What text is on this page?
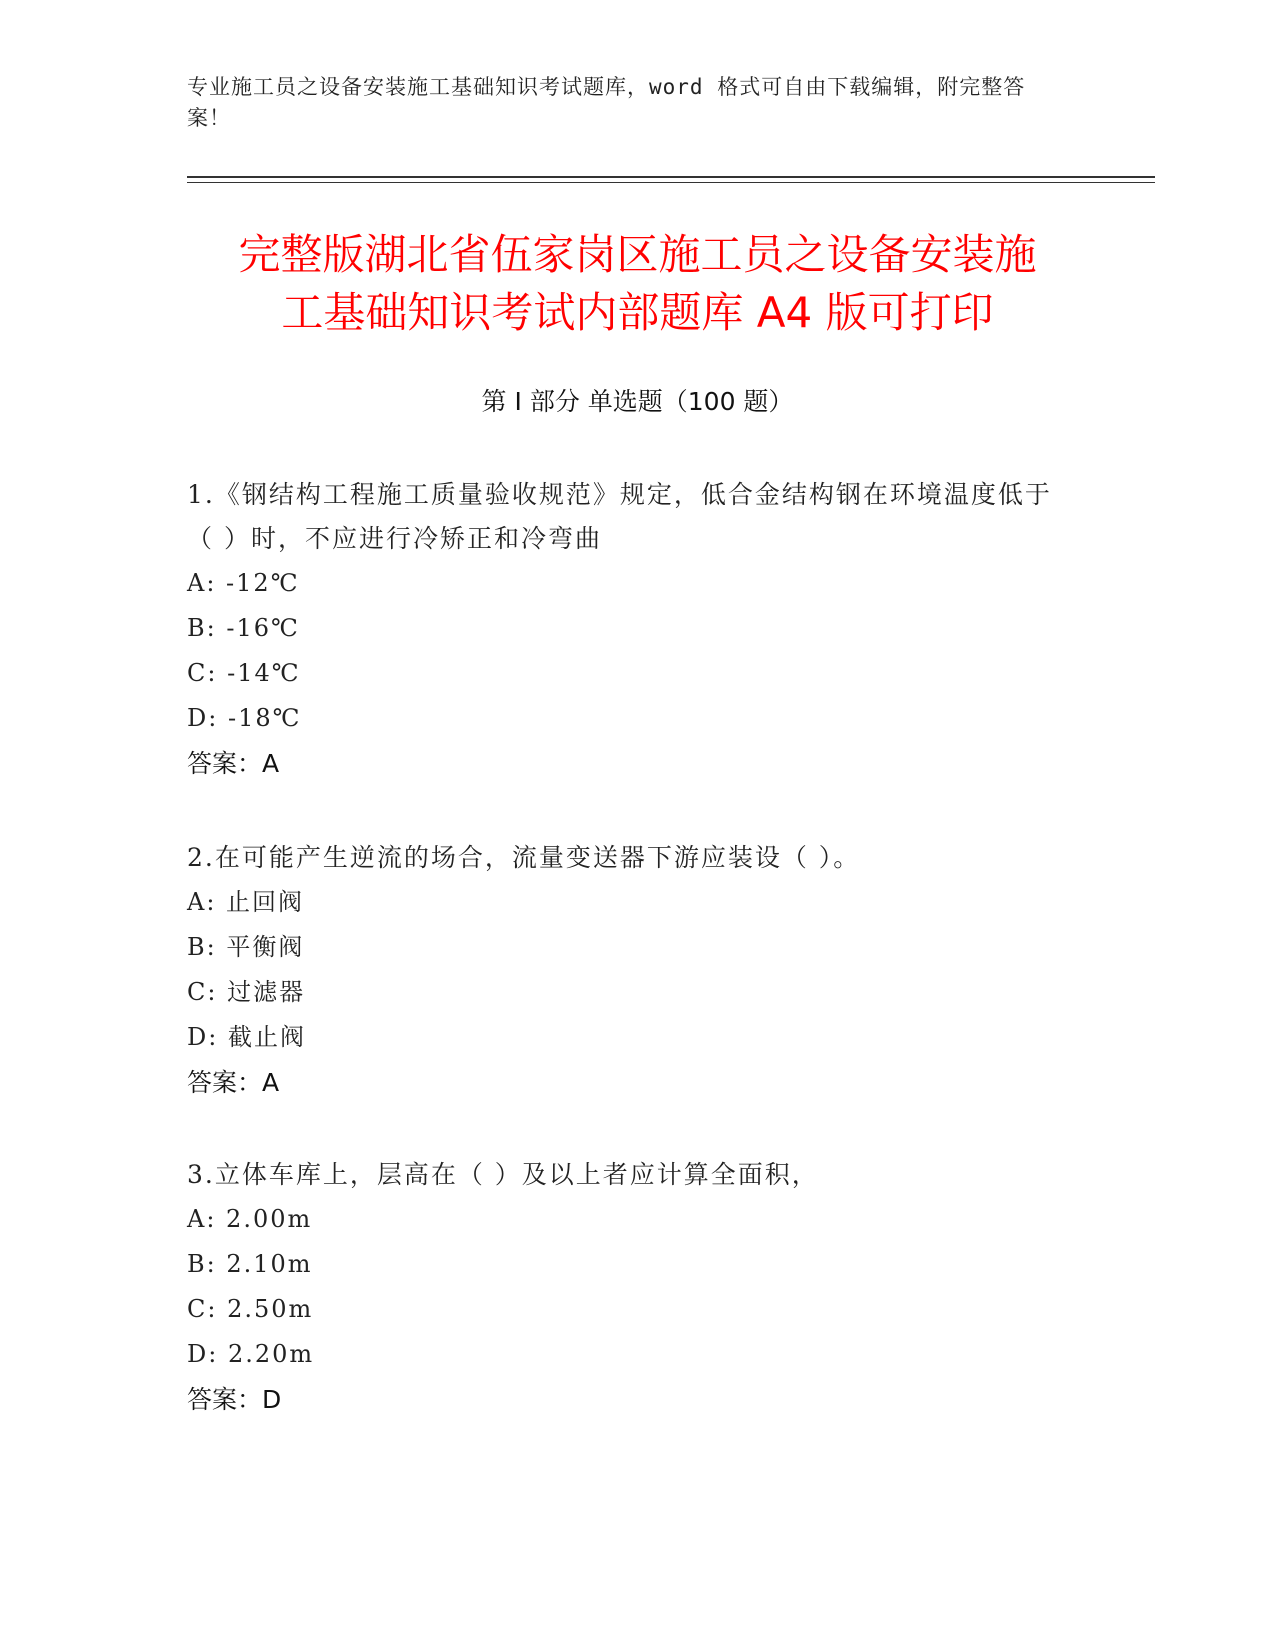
专业施工员之设备安装施工基础知识考试题库，word 格式可自由下载编辑，附完整答案！
完整版湖北省伍家岗区施工员之设备安装施
工基础知识考试内部题库 A4 版可打印
第 I 部分 单选题（100 题）
1.《钢结构工程施工质量验收规范》规定，低合金结构钢在环境温度低于（ ）时，不应进行冷矫正和冷弯曲
A: -12℃
B: -16℃
C: -14℃
D: -18℃
答案：A
2.在可能产生逆流的场合，流量变送器下游应装设（ ）。
A: 止回阀
B: 平衡阀
C: 过滤器
D: 截止阀
答案：A
3.立体车库上，层高在（ ）及以上者应计算全面积，
A: 2.00m
B: 2.10m
C: 2.50m
D: 2.20m
答案：D
